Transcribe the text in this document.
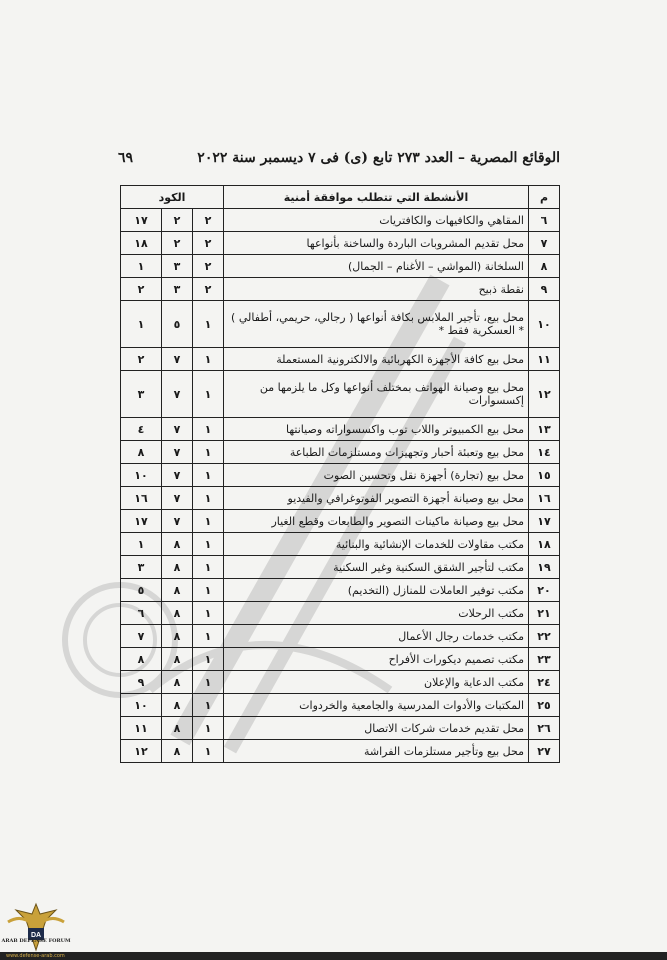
الوقائع المصرية – العدد ٢٧٣ تابع (ى) فى ٧ ديسمبر سنة ٢٠٢٢
٦٩
م	الأنشطة التي تتطلب موافقة أمنية	الكود		
٦	المقاهي والكافيهات والكافتريات	٢	٢	١٧
٧	محل تقديم المشروبات الباردة والساخنة بأنواعها	٢	٢	١٨
٨	السلخانة (المواشي – الأغنام – الجمال)	٢	٣	١
٩	نقطة ذبيح	٢	٣	٢
١٠	محل بيع، تأجير الملابس بكافة أنواعها ( رجالي، حريمي، أطفالي ) * العسكرية فقط *	١	٥	١
١١	محل بيع كافة الأجهزة الكهربائية والالكترونية المستعملة	١	٧	٢
١٢	محل بيع وصيانة الهواتف بمختلف أنواعها وكل ما يلزمها من إكسسوارات	١	٧	٣
١٣	محل بيع الكمبيوتر واللاب توب واكسسواراته وصيانتها	١	٧	٤
١٤	محل بيع وتعبئة أحبار وتجهيزات ومستلزمات الطباعة	١	٧	٨
١٥	محل بيع (تجارة) أجهزة نقل وتحسين الصوت	١	٧	١٠
١٦	محل بيع وصيانة أجهزة التصوير الفوتوغرافي والفيديو	١	٧	١٦
١٧	محل بيع وصيانة ماكينات التصوير والطابعات وقطع الغيار	١	٧	١٧
١٨	مكتب مقاولات للخدمات الإنشائية والبنائية	١	٨	١
١٩	مكتب لتأجير الشقق السكنية وغير السكنية	١	٨	٣
٢٠	مكتب توفير العاملات للمنازل (التخديم)	١	٨	٥
٢١	مكتب الرحلات	١	٨	٦
٢٢	مكتب خدمات رجال الأعمال	١	٨	٧
٢٣	مكتب تصميم ديكورات الأفراح	١	٨	٨
٢٤	مكتب الدعاية والإعلان	١	٨	٩
٢٥	المكتبات والأدوات المدرسية والجامعية والخردوات	١	٨	١٠
٢٦	محل تقديم خدمات شركات الاتصال	١	٨	١١
٢٧	محل بيع وتأجير مستلزمات الفراشة	١	٨	١٢
DA
ARAB DEFENSE FORUM
www.defense-arab.com
